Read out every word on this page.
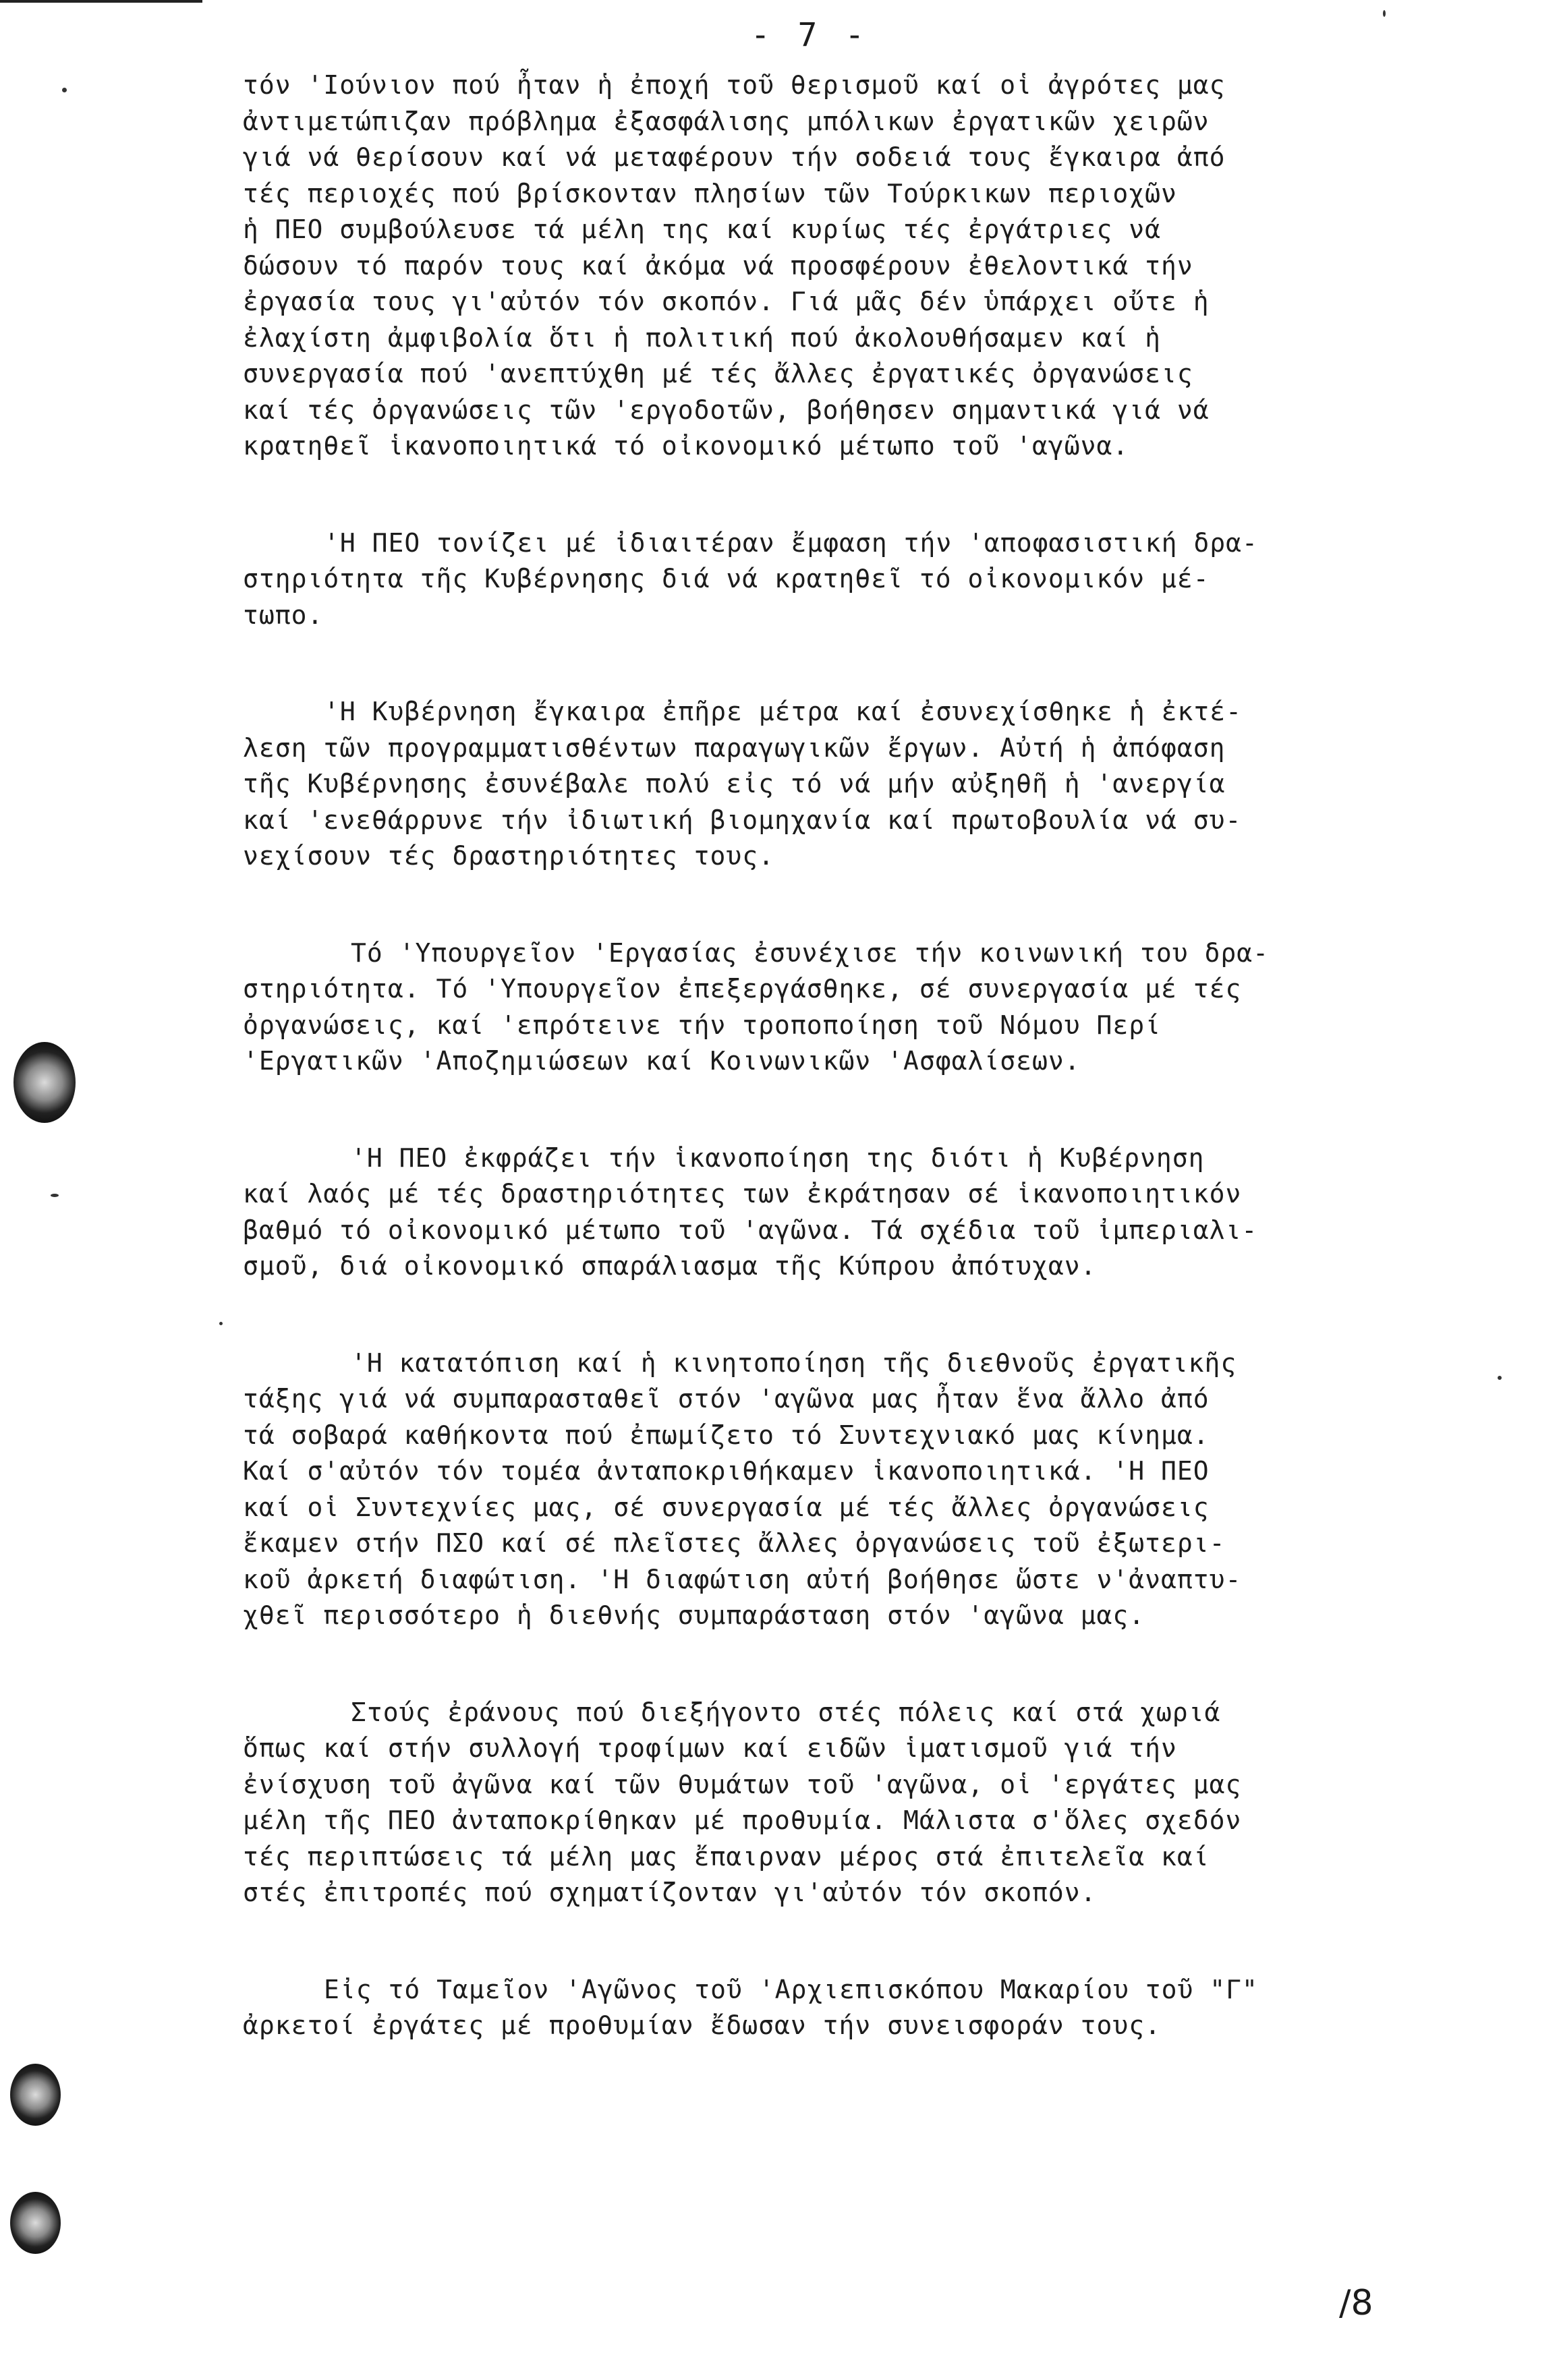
- 7 -
τόν 'Ιούνιον πού ἦταν ἡ ἐποχή τοῦ θερισμοῦ καί οἱ ἀγρότες μας
ἀντιμετώπιζαν πρόβλημα ἐξασφάλισης μπόλικων ἐργατικῶν χειρῶν
γιά νά θερίσουν καί νά μεταφέρουν τήν σοδειά τους ἔγκαιρα ἀπό
τές περιοχές πού βρίσκονταν πλησίων τῶν Τούρκικων περιοχῶν
ἡ ΠΕΟ συμβούλευσε τά μέλη της καί κυρίως τές ἐργάτριες νά
δώσουν τό παρόν τους καί ἀκόμα νά προσφέρουν ἐθελοντικά τήν
ἐργασία τους γι'αὐτόν τόν σκοπόν. Γιά μᾶς δέν ὑπάρχει οὔτε ἡ
ἐλαχίστη ἀμφιβολία ὅτι ἡ πολιτική πού ἀκολουθήσαμεν καί ἡ
συνεργασία πού 'ανεπτύχθη μέ τές ἄλλες ἐργατικές ὀργανώσεις
καί τές ὀργανώσεις τῶν 'εργοδοτῶν, βοήθησεν σημαντικά γιά νά
κρατηθεῖ ἱκανοποιητικά τό οἰκονομικό μέτωπο τοῦ 'αγῶνα.
'Η ΠΕΟ τονίζει μέ ἰδιαιτέραν ἔμφαση τήν 'αποφασιστική δρα-
στηριότητα τῆς Κυβέρνησης διά νά κρατηθεῖ τό οἰκονομικόν μέ-
τωπο.
'Η Κυβέρνηση ἔγκαιρα ἐπῆρε μέτρα καί ἐσυνεχίσθηκε ἡ ἐκτέ-
λεση τῶν προγραμματισθέντων παραγωγικῶν ἔργων. Αὐτή ἡ ἀπόφαση
τῆς Κυβέρνησης ἐσυνέβαλε πολύ εἰς τό νά μήν αὐξηθῆ ἡ 'ανεργία
καί 'ενεθάρρυνε τήν ἰδιωτική βιομηχανία καί πρωτοβουλία νά συ-
νεχίσουν τές δραστηριότητες τους.
Τό 'Υπουργεῖον 'Εργασίας ἐσυνέχισε τήν κοινωνική του δρα-
στηριότητα. Τό 'Υπουργεῖον ἐπεξεργάσθηκε, σέ συνεργασία μέ τές
ὀργανώσεις, καί 'επρότεινε τήν τροποποίηση τοῦ Νόμου Περί
'Εργατικῶν 'Αποζημιώσεων καί Κοινωνικῶν 'Ασφαλίσεων.
'Η ΠΕΟ ἐκφράζει τήν ἱκανοποίηση της διότι ἡ Κυβέρνηση
καί λαός μέ τές δραστηριότητες των ἐκράτησαν σέ ἱκανοποιητικόν
βαθμό τό οἰκονομικό μέτωπο τοῦ 'αγῶνα. Τά σχέδια τοῦ ἰμπεριαλι-
σμοῦ, διά οἰκονομικό σπαράλιασμα τῆς Κύπρου ἀπότυχαν.
'Η κατατόπιση καί ἡ κινητοποίηση τῆς διεθνοῦς ἐργατικῆς
τάξης γιά νά συμπαρασταθεῖ στόν 'αγῶνα μας ἦταν ἕνα ἄλλο ἀπό
τά σοβαρά καθήκοντα πού ἐπωμίζετο τό Συντεχνιακό μας κίνημα.
Καί σ'αὐτόν τόν τομέα ἀνταποκριθήκαμεν ἱκανοποιητικά. 'Η ΠΕΟ
καί οἱ Συντεχνίες μας, σέ συνεργασία μέ τές ἄλλες ὀργανώσεις
ἔκαμεν στήν ΠΣΟ καί σέ πλεῖστες ἄλλες ὀργανώσεις τοῦ ἐξωτερι-
κοῦ ἀρκετή διαφώτιση. 'Η διαφώτιση αὐτή βοήθησε ὥστε ν'ἀναπτυ-
χθεῖ περισσότερο ἡ διεθνής συμπαράσταση στόν 'αγῶνα μας.
Στούς ἐράνους πού διεξήγοντο στές πόλεις καί στά χωριά
ὅπως καί στήν συλλογή τροφίμων καί ειδῶν ἱματισμοῦ γιά τήν
ἐνίσχυση τοῦ ἀγῶνα καί τῶν θυμάτων τοῦ 'αγῶνα, οἱ 'εργάτες μας
μέλη τῆς ΠΕΟ ἀνταποκρίθηκαν μέ προθυμία. Μάλιστα σ'ὅλες σχεδόν
τές περιπτώσεις τά μέλη μας ἔπαιρναν μέρος στά ἐπιτελεῖα καί
στές ἐπιτροπές πού σχηματίζονταν γι'αὐτόν τόν σκοπόν.
Εἰς τό Ταμεῖον 'Αγῶνος τοῦ 'Αρχιεπισκόπου Μακαρίου τοῦ "Γ"
ἀρκετοί ἐργάτες μέ προθυμίαν ἔδωσαν τήν συνεισφοράν τους.
/8
